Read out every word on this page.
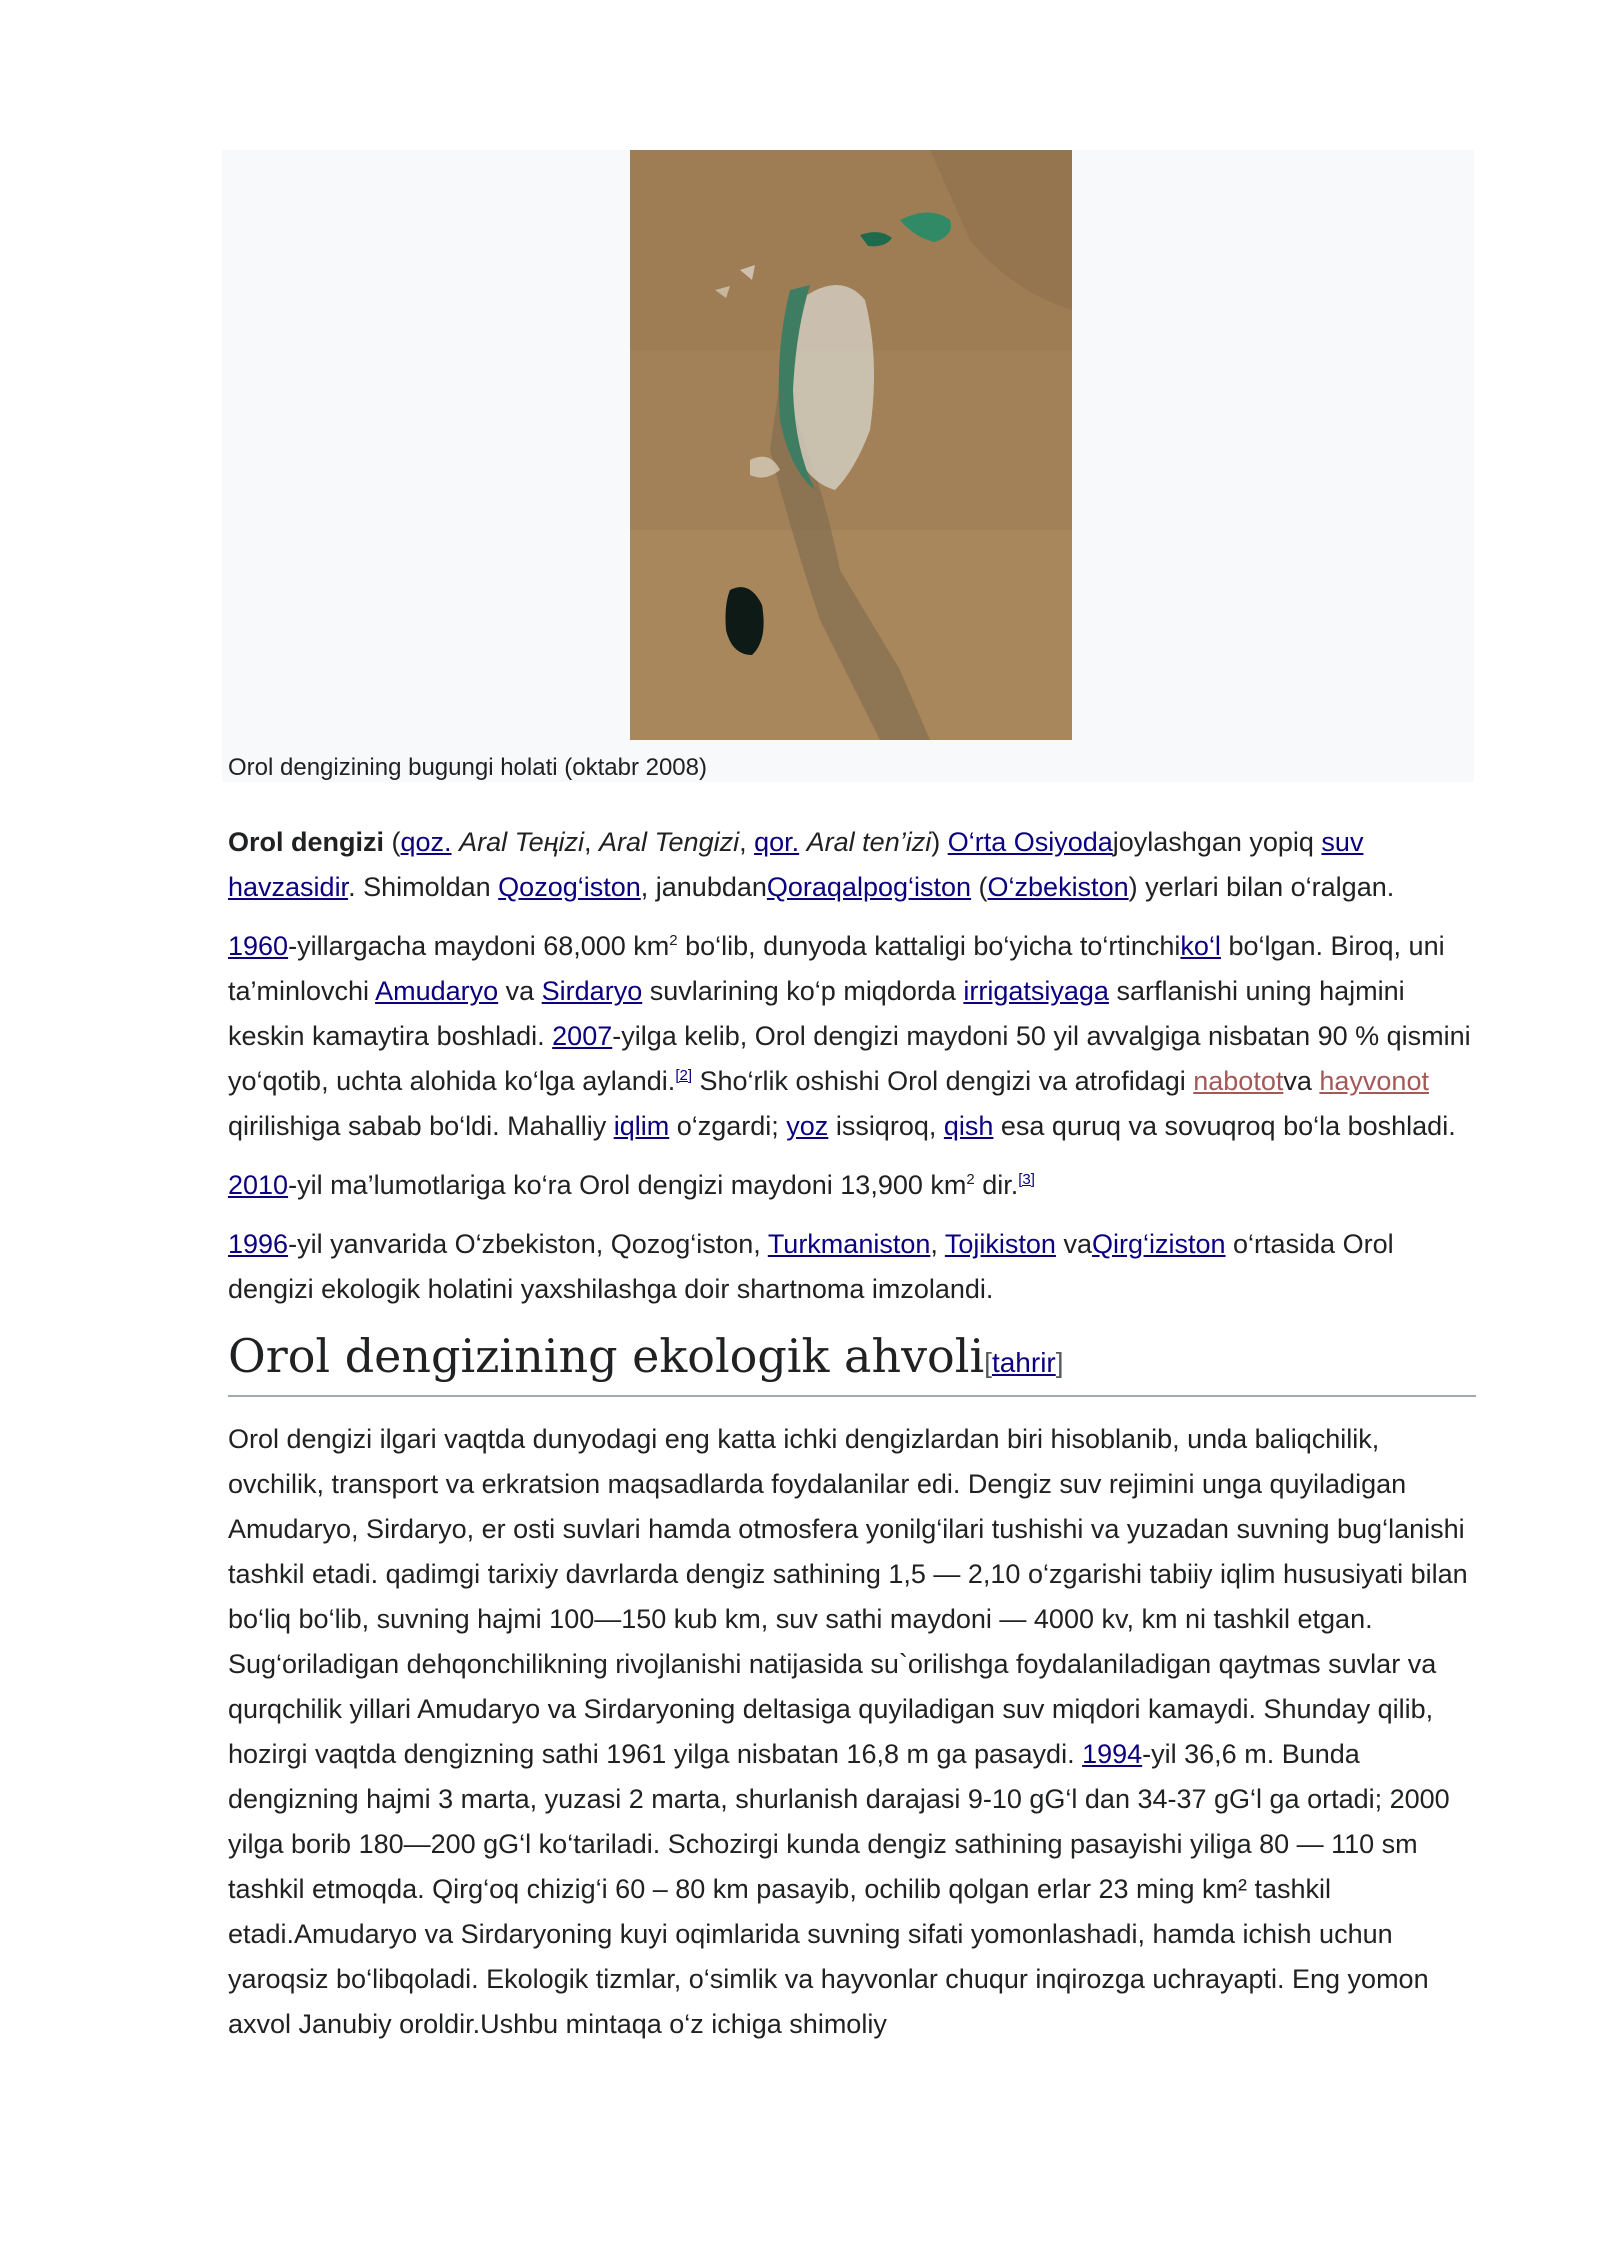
Orol dengizining bugungi holati (oktabr 2008)

Orol dengizi (qoz. Aral Teңizi, Aral Tengizi, qor. Aral ten’izi) O‘rta Osiyodajoylashgan yopiq suv havzasidir. Shimoldan Qozog‘iston, janubdanQoraqalpog‘iston (O‘zbekiston) yerlari bilan o‘ralgan.

1960-yillargacha maydoni 68,000 $km^2$ bo‘lib, dunyoda kattaligi bo‘yicha to‘rtinchiko‘l bo‘lgan. Biroq, uni ta’minlovchi Amudaryo va Sirdaryo suvlarining ko‘p miqdorda irrigatsiyaga sarflanishi uning hajmini keskin kamaytira boshladi. 2007-yilga kelib, Orol dengizi maydoni 50 yil avvalgiga nisbatan 90 % qismini yo‘qotib, uchta alohida ko‘lga aylandi.[2] Sho‘rlik oshishi Orol dengizi va atrofidagi nabototva hayvonot qirilishiga sabab bo‘ldi. Mahalliy iqlim o‘zgardi; yoz issiqroq, qish esa quruq va sovuqroq bo‘la boshladi.

2010-yil ma’lumotlariga ko‘ra Orol dengizi maydoni 13,900 $km^2$ dir.[3]

1996-yil yanvarida O‘zbekiston, Qozog‘iston, Turkmaniston, Tojikiston vaQirg‘iziston o‘rtasida Orol dengizi ekologik holatini yaxshilashga doir shartnoma imzolandi.

Orol dengizining ekologik ahvoli[tahrir]

Orol dengizi ilgari vaqtda dunyodagi eng katta ichki dengizlardan biri hisoblanib, unda baliqchilik, ovchilik, transport va erkratsion maqsadlarda foydalanilar edi. Dengiz suv rejimini unga quyiladigan Amudaryo, Sirdaryo, er osti suvlari hamda otmosfera yonilg‘ilari tushishi va yuzadan suvning bug‘lanishi tashkil etadi. qadimgi tarixiy davrlarda dengiz sathining 1,5 — 2,10 o‘zgarishi tabiiy iqlim hususiyati bilan bo‘liq bo‘lib, suvning hajmi 100—150 kub km, suv sathi maydoni — 4000 kv, km ni tashkil etgan. Sug‘oriladigan dehqonchilikning rivojlanishi natijasida su`orilishga foydalaniladigan qaytmas suvlar va qurqchilik yillari Amudaryo va Sirdaryoning deltasiga quyiladigan suv miqdori kamaydi. Shunday qilib, hozirgi vaqtda dengizning sathi 1961 yilga nisbatan 16,8 m ga pasaydi. 1994-yil 36,6 m. Bunda dengizning hajmi 3 marta, yuzasi 2 marta, shurlanish darajasi 9-10 gG‘l dan 34-37 gG‘l ga ortadi; 2000 yilga borib 180—200 gG‘l ko‘tariladi. Schozirgi kunda dengiz sathining pasayishi yiliga 80 — 110 sm tashkil etmoqda. Qirg‘oq chizig‘i 60 – 80 km pasayib, ochilib qolgan erlar 23 ming km² tashkil etadi.Amudaryo va Sirdaryoning kuyi oqimlarida suvning sifati yomonlashadi, hamda ichish uchun yaroqsiz bo‘libqoladi. Ekologik tizmlar, o‘simlik va hayvonlar chuqur inqirozga uchrayapti. Eng yomon axvol Janubiy oroldir.Ushbu mintaqa o‘z ichiga shimoliy
